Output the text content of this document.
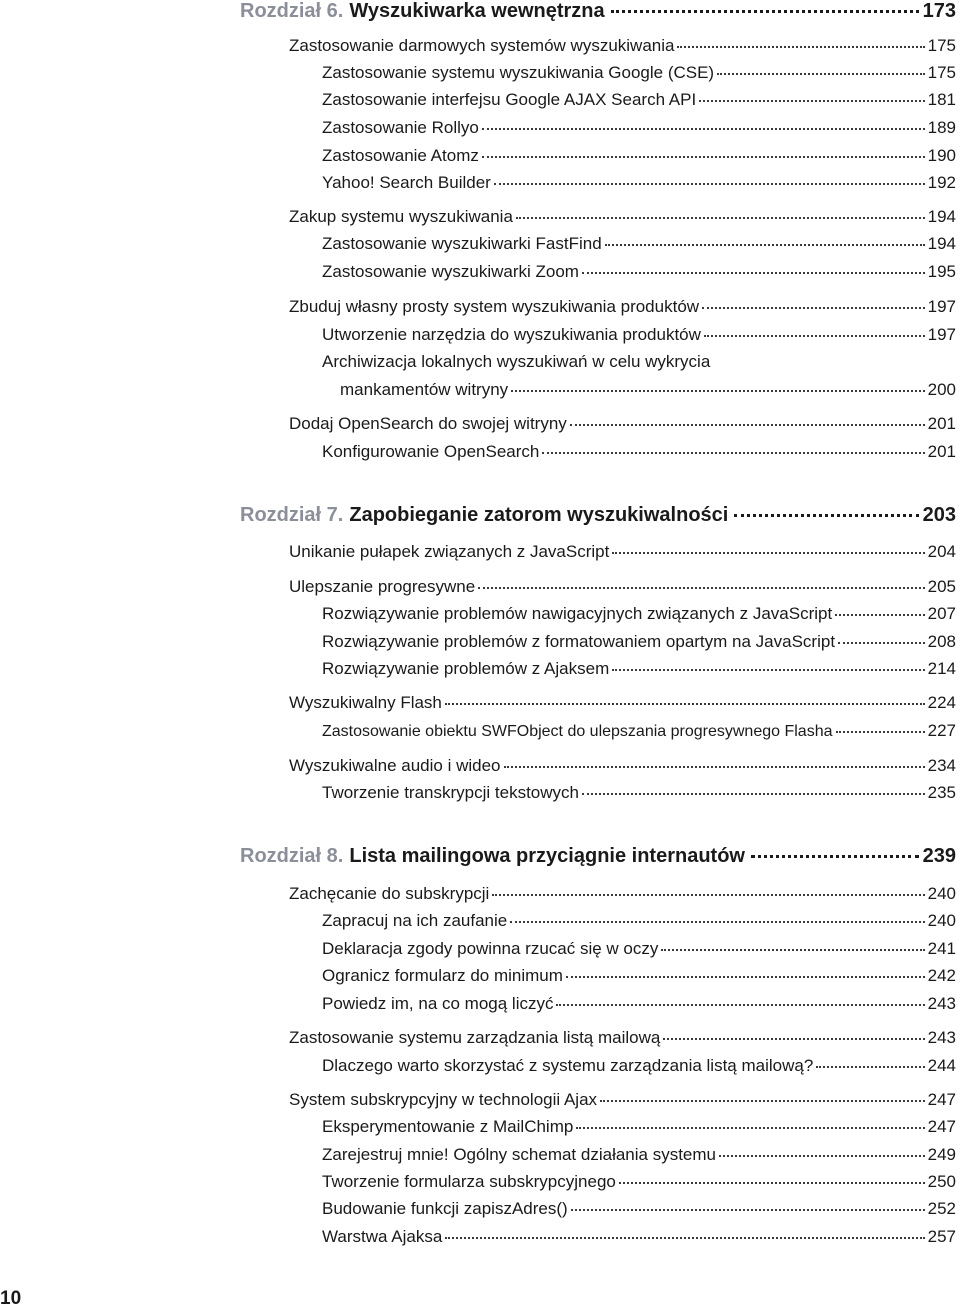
Rozdział 6. Wyszukiwarka wewnętrzna	173
Zastosowanie darmowych systemów wyszukiwania	175
Zastosowanie systemu wyszukiwania Google (CSE)	175
Zastosowanie interfejsu Google AJAX Search API	181
Zastosowanie Rollyo	189
Zastosowanie Atomz	190
Yahoo! Search Builder	192
Zakup systemu wyszukiwania	194
Zastosowanie wyszukiwarki FastFind	194
Zastosowanie wyszukiwarki Zoom	195
Zbuduj własny prosty system wyszukiwania produktów	197
Utworzenie narzędzia do wyszukiwania produktów	197
Archiwizacja lokalnych wyszukiwań w celu wykrycia
mankamentów witryny	200
Dodaj OpenSearch do swojej witryny	201
Konfigurowanie OpenSearch	201
Rozdział 7. Zapobieganie zatorom wyszukiwalności	203
Unikanie pułapek związanych z JavaScript	204
Ulepszanie progresywne	205
Rozwiązywanie problemów nawigacyjnych związanych z JavaScript	207
Rozwiązywanie problemów z formatowaniem opartym na JavaScript	208
Rozwiązywanie problemów z Ajaksem	214
Wyszukiwalny Flash	224
Zastosowanie obiektu SWFObject do ulepszania progresywnego Flasha	227
Wyszukiwalne audio i wideo	234
Tworzenie transkrypcji tekstowych	235
Rozdział 8. Lista mailingowa przyciągnie internautów	239
Zachęcanie do subskrypcji	240
Zapracuj na ich zaufanie	240
Deklaracja zgody powinna rzucać się w oczy	241
Ogranicz formularz do minimum	242
Powiedz im, na co mogą liczyć	243
Zastosowanie systemu zarządzania listą mailową	243
Dlaczego warto skorzystać z systemu zarządzania listą mailową?	244
System subskrypcyjny w technologii Ajax	247
Eksperymentowanie z MailChimp	247
Zarejestruj mnie! Ogólny schemat działania systemu	249
Tworzenie formularza subskrypcyjnego	250
Budowanie funkcji zapiszAdres()	252
Warstwa Ajaksa	257
10
